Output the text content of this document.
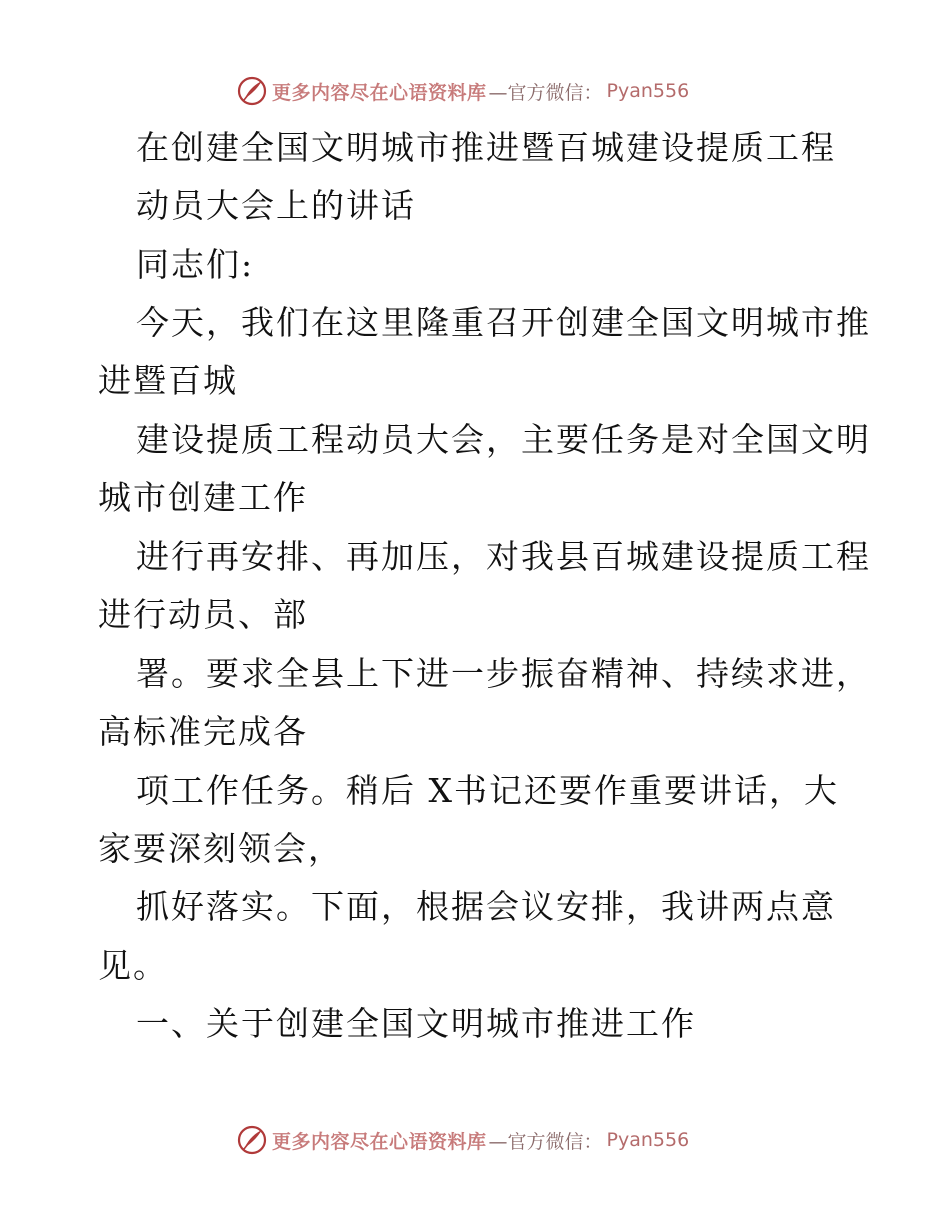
更多内容尽在心语资料库 —官方微信： Pyan556
在创建全国文明城市推进暨百城建设提质工程
动员大会上的讲话
同志们:
今天，我们在这里隆重召开创建全国文明城市推
进暨百城
建设提质工程动员大会，主要任务是对全国文明
城市创建工作
进行再安排、再加压，对我县百城建设提质工程
进行动员、部
署。要求全县上下进一步振奋精神、持续求进，
高标准完成各
项工作任务。稍后 X书记还要作重要讲话，大
家要深刻领会，
抓好落实。下面，根据会议安排，我讲两点意
见。
一、关于创建全国文明城市推进工作
更多内容尽在心语资料库 —官方微信： Pyan556
